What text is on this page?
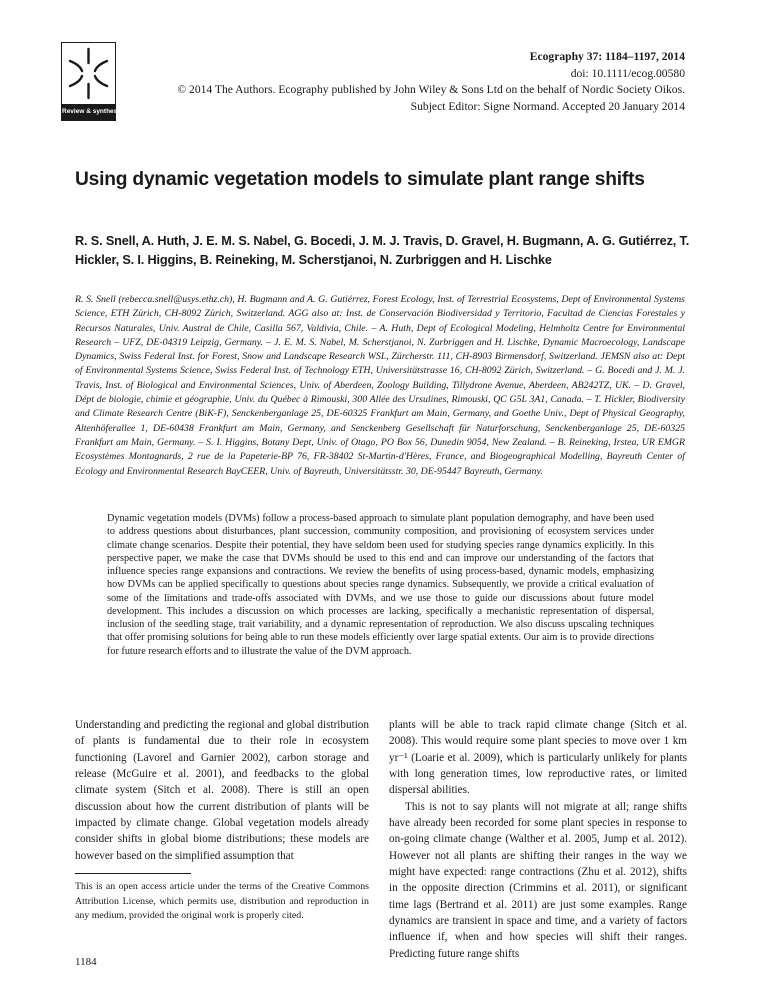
Review & synthesis
Ecography 37: 1184–1197, 2014
doi: 10.1111/ecog.00580
© 2014 The Authors. Ecography published by John Wiley & Sons Ltd on the behalf of Nordic Society Oikos.
Subject Editor: Signe Normand. Accepted 20 January 2014
Using dynamic vegetation models to simulate plant range shifts

R. S. Snell, A. Huth, J. E. M. S. Nabel, G. Bocedi, J. M. J. Travis, D. Gravel, H. Bugmann, A. G. Gutiérrez, T. Hickler, S. I. Higgins, B. Reineking, M. Scherstjanoi, N. Zurbriggen and H. Lischke

R. S. Snell (rebecca.snell@usys.ethz.ch), H. Bugmann and A. G. Gutiérrez, Forest Ecology, Inst. of Terrestrial Ecosystems, Dept of Environmental Systems Science, ETH Zürich, CH-8092 Zürich, Switzerland. AGG also at: Inst. de Conservación Biodiversidad y Territorio, Facultad de Ciencias Forestales y Recursos Naturales, Univ. Austral de Chile, Casilla 567, Valdivia, Chile. – A. Huth, Dept of Ecological Modeling, Helmholtz Centre for Environmental Research – UFZ, DE-04319 Leipzig, Germany. – J. E. M. S. Nabel, M. Scherstjanoi, N. Zurbriggen and H. Lischke, Dynamic Macroecology, Landscape Dynamics, Swiss Federal Inst. for Forest, Snow and Landscape Research WSL, Zürcherstr. 111, CH-8903 Birmensdorf, Switzerland. JEMSN also at: Dept of Environmental Systems Science, Swiss Federal Inst. of Technology ETH, Universitätstrasse 16, CH-8092 Zürich, Switzerland. – G. Bocedi and J. M. J. Travis, Inst. of Biological and Environmental Sciences, Univ. of Aberdeen, Zoology Building, Tillydrone Avenue, Aberdeen, AB242TZ, UK. – D. Gravel, Dépt de biologie, chimie et géographie, Univ. du Québec à Rimouski, 300 Allée des Ursulines, Rimouski, QC G5L 3A1, Canada. – T. Hickler, Biodiversity and Climate Research Centre (BiK-F), Senckenberganlage 25, DE-60325 Frankfurt am Main, Germany, and Goethe Univ., Dept of Physical Geography, Altenhöferallee 1, DE-60438 Frankfurt am Main, Germany, and Senckenberg Gesellschaft für Naturforschung, Senckenberganlage 25, DE-60325 Frankfurt am Main, Germany. – S. I. Higgins, Botany Dept, Univ. of Otago, PO Box 56, Dunedin 9054, New Zealand. – B. Reineking, Irstea, UR EMGR Ecosystèmes Montagnards, 2 rue de la Papeterie-BP 76, FR-38402 St-Martin-d'Hères, France, and Biogeographical Modelling, Bayreuth Center of Ecology and Environmental Research BayCEER, Univ. of Bayreuth, Universitätsstr. 30, DE-95447 Bayreuth, Germany.

Dynamic vegetation models (DVMs) follow a process-based approach to simulate plant population demography, and have been used to address questions about disturbances, plant succession, community composition, and provisioning of ecosystem services under climate change scenarios. Despite their potential, they have seldom been used for studying species range dynamics explicitly. In this perspective paper, we make the case that DVMs should be used to this end and can improve our understanding of the factors that influence species range expansions and contractions. We review the benefits of using process-based, dynamic models, emphasizing how DVMs can be applied specifically to questions about species range dynamics. Subsequently, we provide a critical evaluation of some of the limitations and trade-offs associated with DVMs, and we use those to guide our discussions about future model development. This includes a discussion on which processes are lacking, specifically a mechanistic representation of dispersal, inclusion of the seedling stage, trait variability, and a dynamic representation of reproduction. We also discuss upscaling techniques that offer promising solutions for being able to run these models efficiently over large spatial extents. Our aim is to provide directions for future research efforts and to illustrate the value of the DVM approach.

Understanding and predicting the regional and global distribution of plants is fundamental due to their role in ecosystem functioning (Lavorel and Garnier 2002), carbon storage and release (McGuire et al. 2001), and feedbacks to the global climate system (Sitch et al. 2008). There is still an open discussion about how the current distribution of plants will be impacted by climate change. Global vegetation models already consider shifts in global biome distributions; these models are however based on the simplified assumption that

plants will be able to track rapid climate change (Sitch et al. 2008). This would require some plant species to move over 1 km yr⁻¹ (Loarie et al. 2009), which is particularly unlikely for plants with long generation times, low reproductive rates, or limited dispersal abilities.

This is not to say plants will not migrate at all; range shifts have already been recorded for some plant species in response to on-going climate change (Walther et al. 2005, Jump et al. 2012). However not all plants are shifting their ranges in the way we might have expected: range contractions (Zhu et al. 2012), shifts in the opposite direction (Crimmins et al. 2011), or significant time lags (Bertrand et al. 2011) are just some examples. Range dynamics are transient in space and time, and a variety of factors influence if, when and how species will shift their ranges. Predicting future range shifts

This is an open access article under the terms of the Creative Commons Attribution License, which permits use, distribution and reproduction in any medium, provided the original work is properly cited.

1184
